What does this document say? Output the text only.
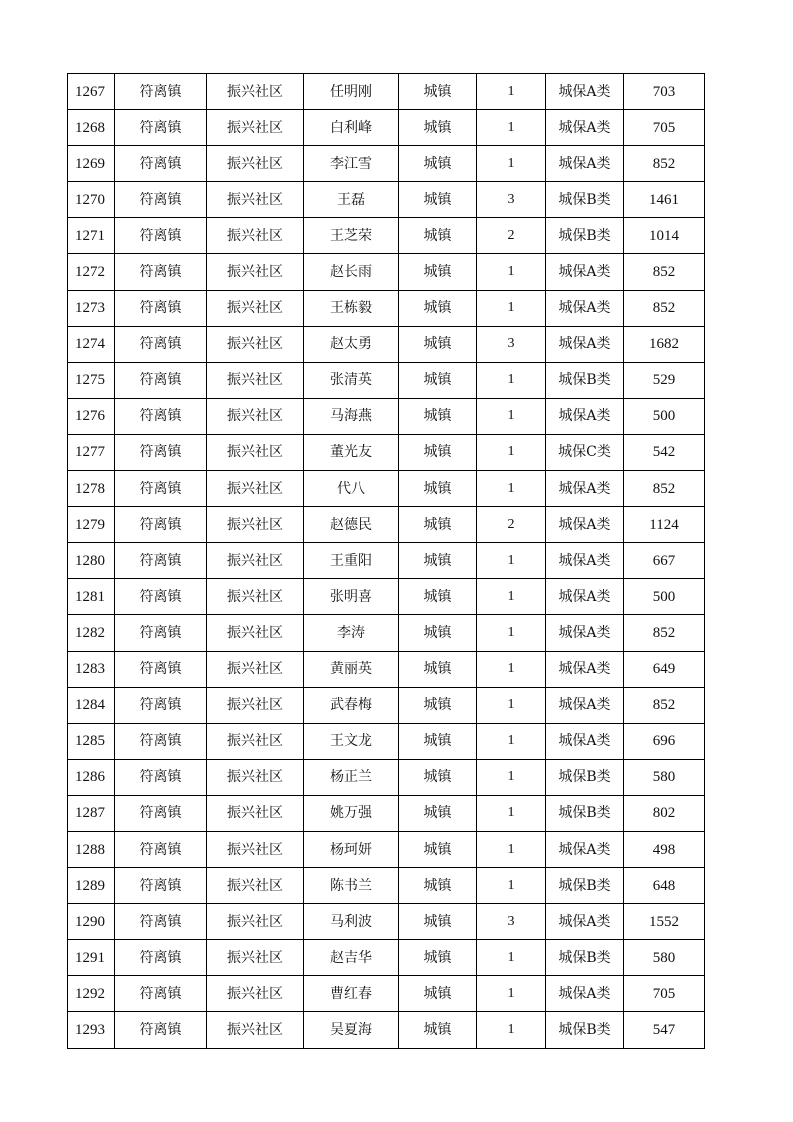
1267	符离镇	振兴社区	任明刚	城镇	1	城保A类	703
1268	符离镇	振兴社区	白利峰	城镇	1	城保A类	705
1269	符离镇	振兴社区	李江雪	城镇	1	城保A类	852
1270	符离镇	振兴社区	王磊	城镇	3	城保B类	1461
1271	符离镇	振兴社区	王芝荣	城镇	2	城保B类	1014
1272	符离镇	振兴社区	赵长雨	城镇	1	城保A类	852
1273	符离镇	振兴社区	王栋毅	城镇	1	城保A类	852
1274	符离镇	振兴社区	赵太勇	城镇	3	城保A类	1682
1275	符离镇	振兴社区	张清英	城镇	1	城保B类	529
1276	符离镇	振兴社区	马海燕	城镇	1	城保A类	500
1277	符离镇	振兴社区	董光友	城镇	1	城保C类	542
1278	符离镇	振兴社区	代八	城镇	1	城保A类	852
1279	符离镇	振兴社区	赵德民	城镇	2	城保A类	1124
1280	符离镇	振兴社区	王重阳	城镇	1	城保A类	667
1281	符离镇	振兴社区	张明喜	城镇	1	城保A类	500
1282	符离镇	振兴社区	李涛	城镇	1	城保A类	852
1283	符离镇	振兴社区	黄丽英	城镇	1	城保A类	649
1284	符离镇	振兴社区	武春梅	城镇	1	城保A类	852
1285	符离镇	振兴社区	王文龙	城镇	1	城保A类	696
1286	符离镇	振兴社区	杨正兰	城镇	1	城保B类	580
1287	符离镇	振兴社区	姚万强	城镇	1	城保B类	802
1288	符离镇	振兴社区	杨珂妍	城镇	1	城保A类	498
1289	符离镇	振兴社区	陈书兰	城镇	1	城保B类	648
1290	符离镇	振兴社区	马利波	城镇	3	城保A类	1552
1291	符离镇	振兴社区	赵吉华	城镇	1	城保B类	580
1292	符离镇	振兴社区	曹红春	城镇	1	城保A类	705
1293	符离镇	振兴社区	吴夏海	城镇	1	城保B类	547
